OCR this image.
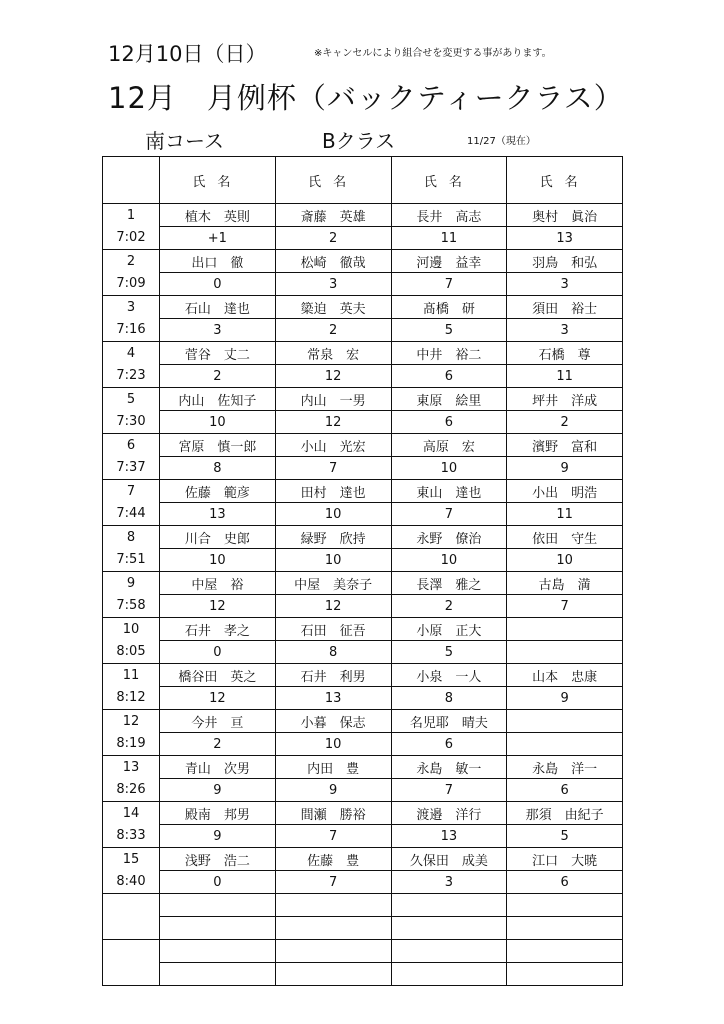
12月10日（日）	※キャンセルにより組合せを変更する事があります。
12月　月例杯（バックティークラス）
南コース	Bクラス	11/27（現在）
	氏名	氏名	氏名	氏名
1	植木　英則	斎藤　英雄	長井　高志	奥村　眞治
7:02	+1	2	11	13
2	出口　徹	松崎　徹哉	河邊　益幸	羽鳥　和弘
7:09	0	3	7	3
3	石山　達也	簗迫　英夫	髙橋　研	須田　裕士
7:16	3	2	5	3
4	菅谷　丈二	常泉　宏	中井　裕二	石橋　尊
7:23	2	12	6	11
5	内山　佐知子	内山　一男	東原　絵里	坪井　洋成
7:30	10	12	6	2
6	宮原　慎一郎	小山　光宏	高原　宏	濱野　富和
7:37	8	7	10	9
7	佐藤　範彦	田村　達也	東山　達也	小出　明浩
7:44	13	10	7	11
8	川合　史郎	緑野　欣持	永野　僚治	依田　守生
7:51	10	10	10	10
9	中屋　裕	中屋　美奈子	長澤　雅之	古島　満
7:58	12	12	2	7
10	石井　孝之	石田　征吾	小原　正大	
8:05	0	8	5	
11	橋谷田　英之	石井　利男	小泉　一人	山本　忠康
8:12	12	13	8	9
12	今井　亘	小暮　保志	名児耶　晴夫	
8:19	2	10	6	
13	青山　次男	内田　豊	永島　敏一	永島　洋一
8:26	9	9	7	6
14	殿南　邦男	間瀬　勝裕	渡邉　洋行	那須　由紀子
8:33	9	7	13	5
15	浅野　浩二	佐藤　豊	久保田　成美	江口　大暁
8:40	0	7	3	6
